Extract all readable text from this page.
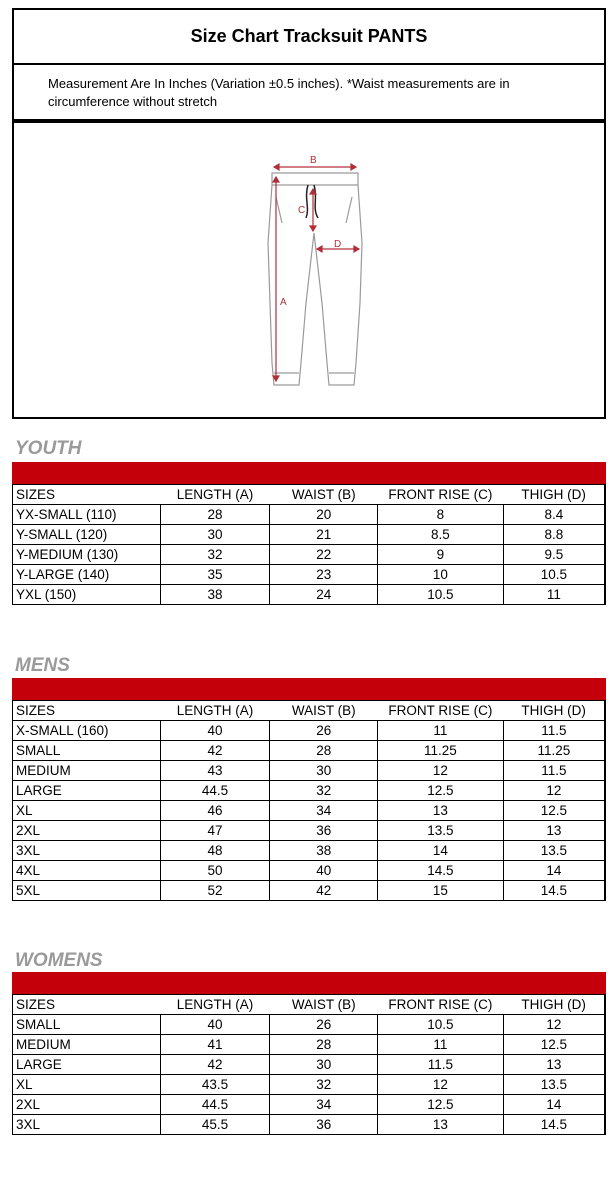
Size Chart Tracksuit PANTS
Measurement Are In Inches (Variation ±0.5 inches). *Waist measurements are in circumference without stretch
B
C
D
A
YOUTH
SIZES	LENGTH (A)	WAIST (B)	FRONT RISE (C)	THIGH (D)
YX-SMALL (110)	28	20	8	8.4
Y-SMALL (120)	30	21	8.5	8.8
Y-MEDIUM (130)	32	22	9	9.5
Y-LARGE (140)	35	23	10	10.5
YXL (150)	38	24	10.5	11
MENS
SIZES	LENGTH (A)	WAIST (B)	FRONT RISE (C)	THIGH (D)
X-SMALL (160)	40	26	11	11.5
SMALL	42	28	11.25	11.25
MEDIUM	43	30	12	11.5
LARGE	44.5	32	12.5	12
XL	46	34	13	12.5
2XL	47	36	13.5	13
3XL	48	38	14	13.5
4XL	50	40	14.5	14
5XL	52	42	15	14.5
WOMENS
SIZES	LENGTH (A)	WAIST (B)	FRONT RISE (C)	THIGH (D)
SMALL	40	26	10.5	12
MEDIUM	41	28	11	12.5
LARGE	42	30	11.5	13
XL	43.5	32	12	13.5
2XL	44.5	34	12.5	14
3XL	45.5	36	13	14.5
